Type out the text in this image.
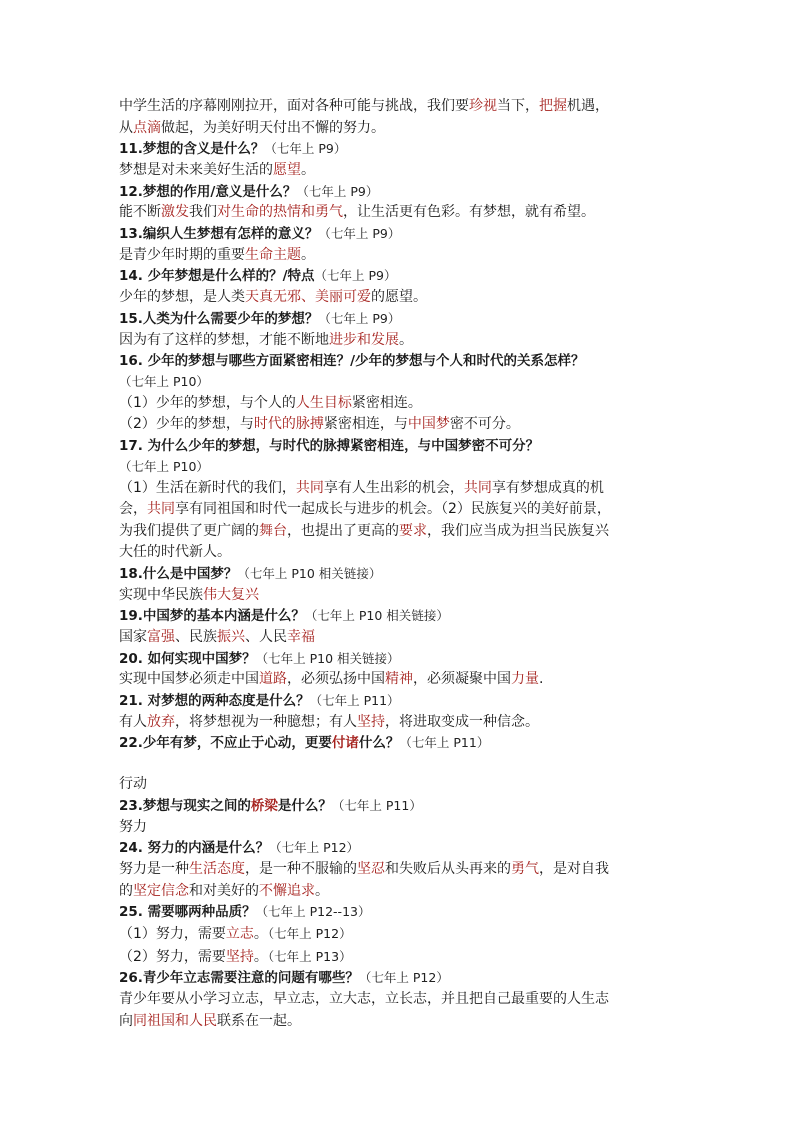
中学生活的序幕刚刚拉开，面对各种可能与挑战，我们要珍视当下，把握机遇，
从点滴做起，为美好明天付出不懈的努力。
11.梦想的含义是什么？（七年上 P9）
梦想是对未来美好生活的愿望。
12.梦想的作用/意义是什么？（七年上 P9）
能不断激发我们对生命的热情和勇气，让生活更有色彩。有梦想，就有希望。
13.编织人生梦想有怎样的意义？（七年上 P9）
是青少年时期的重要生命主题。
14. 少年梦想是什么样的？/特点（七年上 P9）
少年的梦想，是人类天真无邪、美丽可爱的愿望。
15.人类为什么需要少年的梦想？（七年上 P9）
因为有了这样的梦想，才能不断地进步和发展。
16. 少年的梦想与哪些方面紧密相连？/少年的梦想与个人和时代的关系怎样？
（七年上 P10）
（1）少年的梦想，与个人的人生目标紧密相连。
（2）少年的梦想，与时代的脉搏紧密相连，与中国梦密不可分。
17. 为什么少年的梦想，与时代的脉搏紧密相连，与中国梦密不可分？
（七年上 P10）
（1）生活在新时代的我们，共同享有人生出彩的机会，共同享有梦想成真的机
会，共同享有同祖国和时代一起成长与进步的机会。（2）民族复兴的美好前景，
为我们提供了更广阔的舞台，也提出了更高的要求，我们应当成为担当民族复兴
大任的时代新人。
18.什么是中国梦？（七年上 P10 相关链接）
实现中华民族伟大复兴
19.中国梦的基本内涵是什么？（七年上 P10 相关链接）
国家富强、民族振兴、人民幸福
20. 如何实现中国梦？（七年上 P10 相关链接）
实现中国梦必须走中国道路，必须弘扬中国精神，必须凝聚中国力量.
21. 对梦想的两种态度是什么？（七年上 P11）
有人放弃，将梦想视为一种臆想；有人坚持，将进取变成一种信念。
22.少年有梦，不应止于心动，更要付诸什么？（七年上 P11）
行动
23.梦想与现实之间的桥梁是什么？（七年上 P11）
努力
24. 努力的内涵是什么？（七年上 P12）
努力是一种生活态度，是一种不服输的坚忍和失败后从头再来的勇气，是对自我
的坚定信念和对美好的不懈追求。
25. 需要哪两种品质？（七年上 P12--13）
（1）努力，需要立志。（七年上 P12）
（2）努力，需要坚持。（七年上 P13）
26.青少年立志需要注意的问题有哪些？（七年上 P12）
青少年要从小学习立志，早立志，立大志，立长志，并且把自己最重要的人生志
向同祖国和人民联系在一起。
